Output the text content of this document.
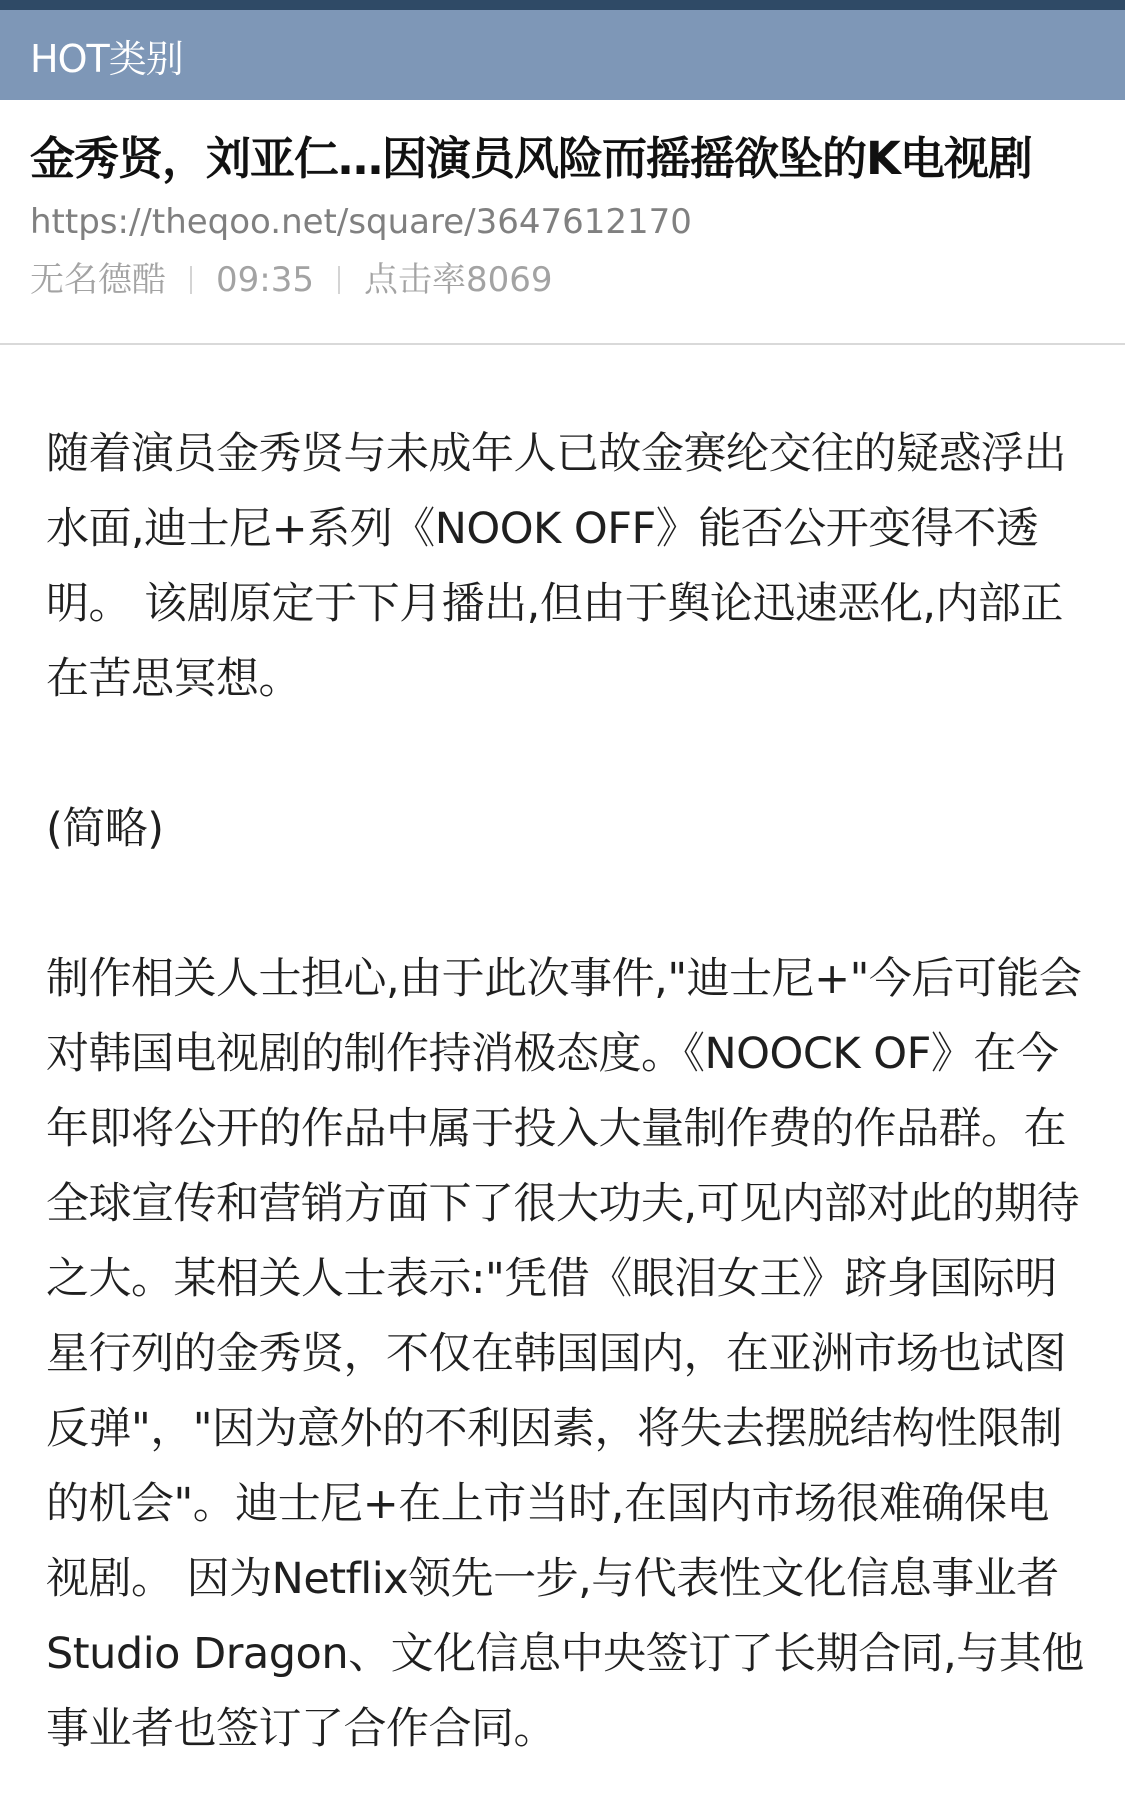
HOT类别
金秀贤，刘亚仁…因演员风险而摇摇欲坠的K电视剧
https://theqoo.net/square/3647612170
无名德酷 09:35 点击率8069

随着演员金秀贤与未成年人已故金赛纶交往的疑惑浮出水面,迪士尼+系列《NOOK OFF》能否公开变得不透明。 该剧原定于下月播出,但由于舆论迅速恶化,内部正在苦思冥想。

(简略)

制作相关人士担心,由于此次事件,"迪士尼+"今后可能会对韩国电视剧的制作持消极态度。《NOOCK OF》在今年即将公开的作品中属于投入大量制作费的作品群。在全球宣传和营销方面下了很大功夫,可见内部对此的期待之大。某相关人士表示:"凭借《眼泪女王》跻身国际明星行列的金秀贤，不仅在韩国国内，在亚洲市场也试图反弹"，"因为意外的不利因素，将失去摆脱结构性限制的机会"。迪士尼+在上市当时,在国内市场很难确保电视剧。 因为Netflix领先一步,与代表性文化信息事业者Studio Dragon、文化信息中央签订了长期合同,与其他事业者也签订了合作合同。
